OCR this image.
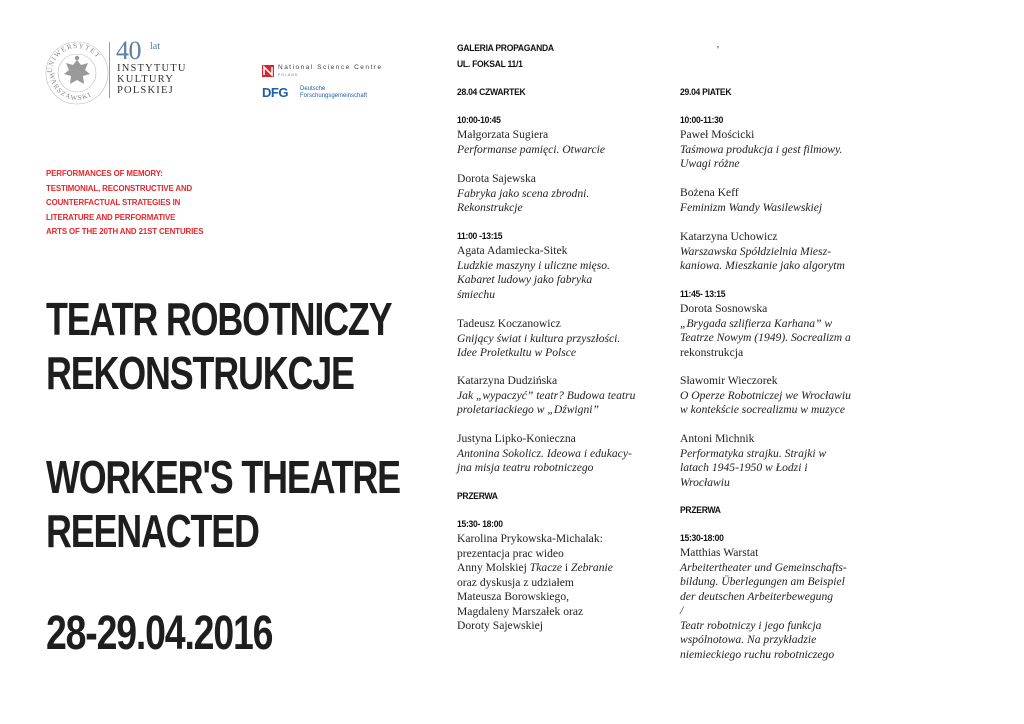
UNIWERSYTET
WARSZAWSKI
40 lat
INSTYTUTU
KULTURY
POLSKIEJ
National Science Centre
POLAND
DFG Deutsche
Forschungsgemeinschaft
PERFORMANCES OF MEMORY:
TESTIMONIAL, RECONSTRUCTIVE AND
COUNTERFACTUAL STRATEGIES IN
LITERATURE AND PERFORMATIVE
ARTS OF THE 20TH AND 21ST CENTURIES
TEATR ROBOTNICZY
REKONSTRUKCJE
WORKER'S THEATRE
REENACTED
28-29.04.2016
GALERIA PROPAGANDA
UL. FOKSAL 11/1
'
28.04 CZWARTEK
10:00-10:45
Małgorzata Sugiera
Performanse pamięci. Otwarcie
Dorota Sajewska
Fabryka jako scena zbrodni.
Rekonstrukcje
11:00 -13:15
Agata Adamiecka-Sitek
Ludzkie maszyny i uliczne mięso.
Kabaret ludowy jako fabryka
śmiechu
Tadeusz Koczanowicz
Gnijący świat i kultura przyszłości.
Idee Proletkultu w Polsce
Katarzyna Dudzińska
Jak „wypaczyć” teatr? Budowa teatru
proletariackiego w „Dźwigni”
Justyna Lipko-Konieczna
Antonina Sokolicz. Ideowa i edukacy-
jna misja teatru robotniczego
PRZERWA
15:30- 18:00
Karolina Prykowska-Michalak:
prezentacja prac wideo
Anny Molskiej Tkacze i Zebranie
oraz dyskusja z udziałem
Mateusza Borowskiego,
Magdaleny Marszałek oraz
Doroty Sajewskiej
29.04 PIATEK
10:00-11:30
Paweł Mościcki
Taśmowa produkcja i gest filmowy.
Uwagi różne
Bożena Keff
Feminizm Wandy Wasilewskiej
Katarzyna Uchowicz
Warszawska Spółdzielnia Miesz-
kaniowa. Mieszkanie jako algorytm
11:45- 13:15
Dorota Sosnowska
„Brygada szlifierza Karhana” w
Teatrze Nowym (1949). Socrealizm a
rekonstrukcja
Sławomir Wieczorek
O Operze Robotniczej we Wrocławiu
w kontekście socrealizmu w muzyce
Antoni Michnik
Performatyka strajku. Strajki w
latach 1945-1950 w Łodzi i
Wrocławiu
PRZERWA
15:30-18:00
Matthias Warstat
Arbeitertheater und Gemeinschafts-
bildung. Überlegungen am Beispiel
der deutschen Arbeiterbewegung
/
Teatr robotniczy i jego funkcja
wspólnotowa. Na przykładzie
niemieckiego ruchu robotniczego
